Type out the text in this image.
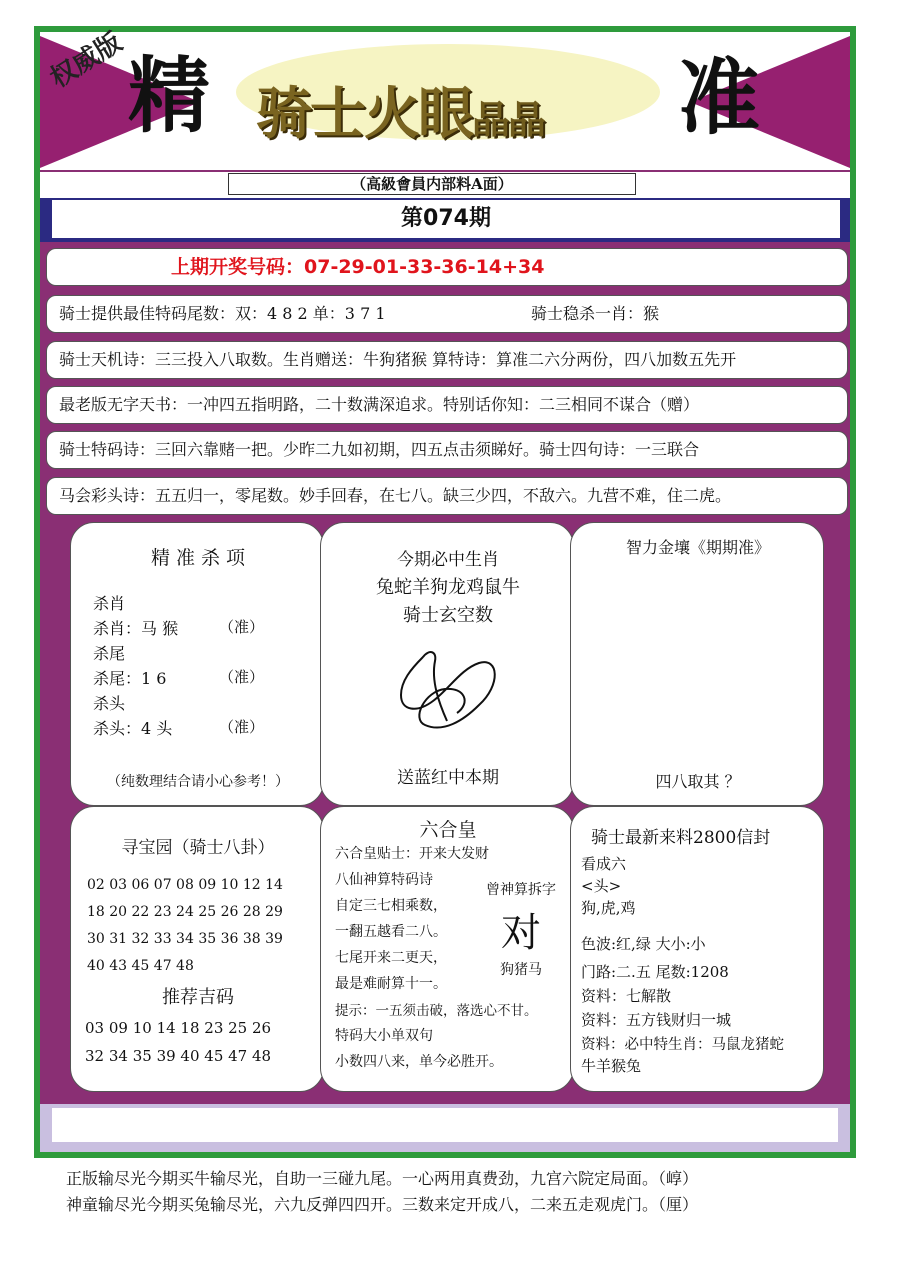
权威版 精 骑士火眼晶晶 准
（高級會員内部料A面）
第074期
上期开奖号码：07-29-01-33-36-14+34
骑士提供最佳特码尾数：双：4 8 2 单：3 7 1	骑士稳杀一肖：猴
骑士天机诗：三三投入八取数。生肖赠送：牛狗猪猴 算特诗：算准二六分两份，四八加数五先开
最老版无字天书：一冲四五指明路，二十数满深追求。特别话你知：二三相同不谋合（赠）
骑士特码诗：三回六靠赌一把。少昨二九如初期，四五点击须睇好。骑士四句诗：一三联合
马会彩头诗：五五归一，零尾数。妙手回春，在七八。缺三少四，不敌六。九营不难，住二虎。
精 准 杀 项
杀肖
杀肖：马 猴	（准）
杀尾
杀尾：1 6	（准）
杀头
杀头：4 头	（准）
（纯数理结合请小心参考！）
今期必中生肖
兔蛇羊狗龙鸡鼠牛
骑士玄空数
送蓝红中本期
智力金壤《期期准》
四八取其 ？
寻宝园（骑士八卦）
02 03 06 07 08 09 10 12 14
18 20 22 23 24 25 26 28 29
30 31 32 33 34 35 36 38 39
40 43 45 47 48
推荐吉码
03 09 10 14 18 23 25 26
32 34 35 39 40 45 47 48
六合皇
六合皇贴士：开来大发财
八仙神算特码诗
自定三七相乘数，
一翻五越看二八。
七尾开来二更天，
最是难耐算十一。
提示：一五须击破，落选心不甘。
特码大小单双句
小数四八来，单今必胜开。
曾神算拆字
对
狗猪马
骑士最新来料2800信封
看成六
<头>
狗,虎,鸡
色波:红,绿 大小:小
门路:二.五 尾数:1208
资料：七解散
资料：五方钱财归一城
资料：必中特生肖：马鼠龙猪蛇
牛羊猴兔
正版输尽光今期买牛输尽光，自助一三碰九尾。一心两用真费劲，九宫六院定局面。（崞）
神童输尽光今期买兔输尽光，六九反弹四四开。三数来定开成八，二来五走观虎门。（厘）
